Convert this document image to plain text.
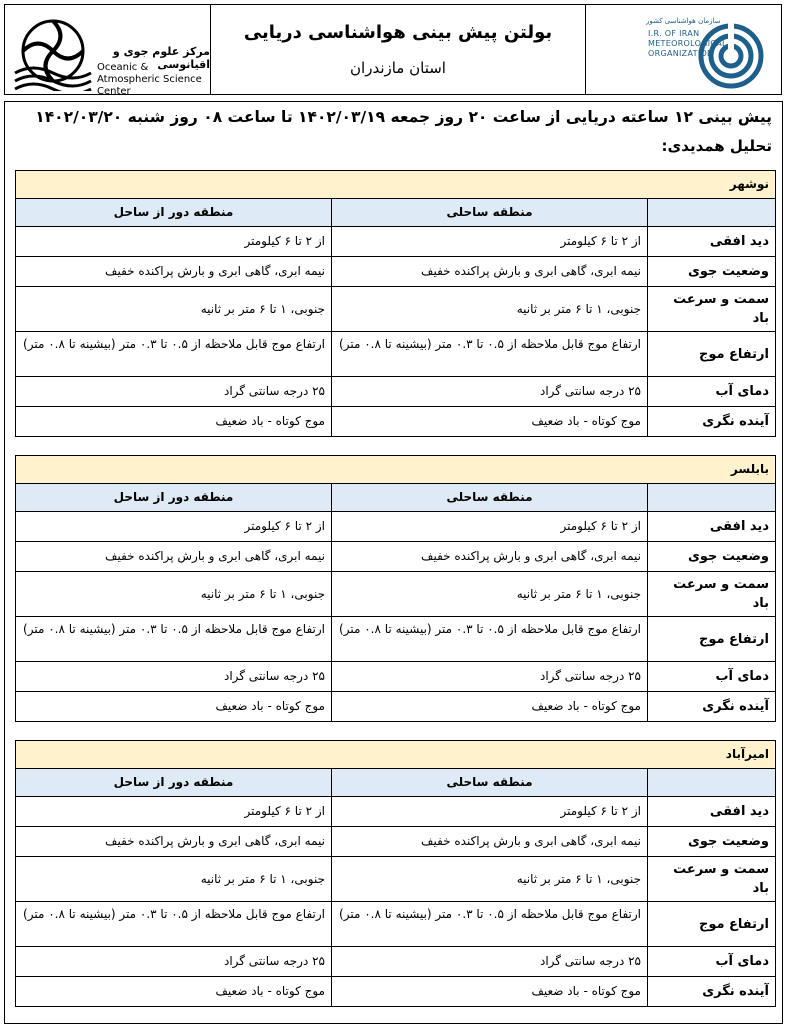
مرکز علوم جوی و اقیانوسی
Oceanic & Atmospheric Science Center
بولتن پیش بینی هواشناسی دریایی
استان مازندران
سازمان هواشناسی کشور
I.R. OF IRAN METEOROLOGICAL ORGANIZATION
پیش بینی ۱۲ ساعته دریایی از ساعت ۲۰ روز جمعه ۱۴۰۲/۰۳/۱۹ تا ساعت ۰۸ روز شنبه ۱۴۰۲/۰۳/۲۰
تحلیل همدیدی:
نوشهر		
	منطقه ساحلی	منطقه دور از ساحل
دید افقی	از ۲ تا ۶ کیلومتر	از ۲ تا ۶ کیلومتر
وضعیت جوی	نیمه ابری، گاهی ابری و بارش پراکنده خفیف	نیمه ابری، گاهی ابری و بارش پراکنده خفیف
سمت و سرعت باد	جنوبی، ۱ تا ۶ متر بر ثانیه	جنوبی، ۱ تا ۶ متر بر ثانیه
ارتفاع موج	ارتفاع موج قابل ملاحظه از ۰.۵ تا ۰.۳ متر (بیشینه تا ۰.۸ متر)	ارتفاع موج قابل ملاحظه از ۰.۵ تا ۰.۳ متر (بیشینه تا ۰.۸ متر)
دمای آب	۲۵ درجه سانتی گراد	۲۵ درجه سانتی گراد
آینده نگری	موج کوتاه - باد ضعیف	موج کوتاه - باد ضعیف
بابلسر		
	منطقه ساحلی	منطقه دور از ساحل
دید افقی	از ۲ تا ۶ کیلومتر	از ۲ تا ۶ کیلومتر
وضعیت جوی	نیمه ابری، گاهی ابری و بارش پراکنده خفیف	نیمه ابری، گاهی ابری و بارش پراکنده خفیف
سمت و سرعت باد	جنوبی، ۱ تا ۶ متر بر ثانیه	جنوبی، ۱ تا ۶ متر بر ثانیه
ارتفاع موج	ارتفاع موج قابل ملاحظه از ۰.۵ تا ۰.۳ متر (بیشینه تا ۰.۸ متر)	ارتفاع موج قابل ملاحظه از ۰.۵ تا ۰.۳ متر (بیشینه تا ۰.۸ متر)
دمای آب	۲۵ درجه سانتی گراد	۲۵ درجه سانتی گراد
آینده نگری	موج کوتاه - باد ضعیف	موج کوتاه - باد ضعیف
امیرآباد		
	منطقه ساحلی	منطقه دور از ساحل
دید افقی	از ۲ تا ۶ کیلومتر	از ۲ تا ۶ کیلومتر
وضعیت جوی	نیمه ابری، گاهی ابری و بارش پراکنده خفیف	نیمه ابری، گاهی ابری و بارش پراکنده خفیف
سمت و سرعت باد	جنوبی، ۱ تا ۶ متر بر ثانیه	جنوبی، ۱ تا ۶ متر بر ثانیه
ارتفاع موج	ارتفاع موج قابل ملاحظه از ۰.۵ تا ۰.۳ متر (بیشینه تا ۰.۸ متر)	ارتفاع موج قابل ملاحظه از ۰.۵ تا ۰.۳ متر (بیشینه تا ۰.۸ متر)
دمای آب	۲۵ درجه سانتی گراد	۲۵ درجه سانتی گراد
آینده نگری	موج کوتاه - باد ضعیف	موج کوتاه - باد ضعیف
